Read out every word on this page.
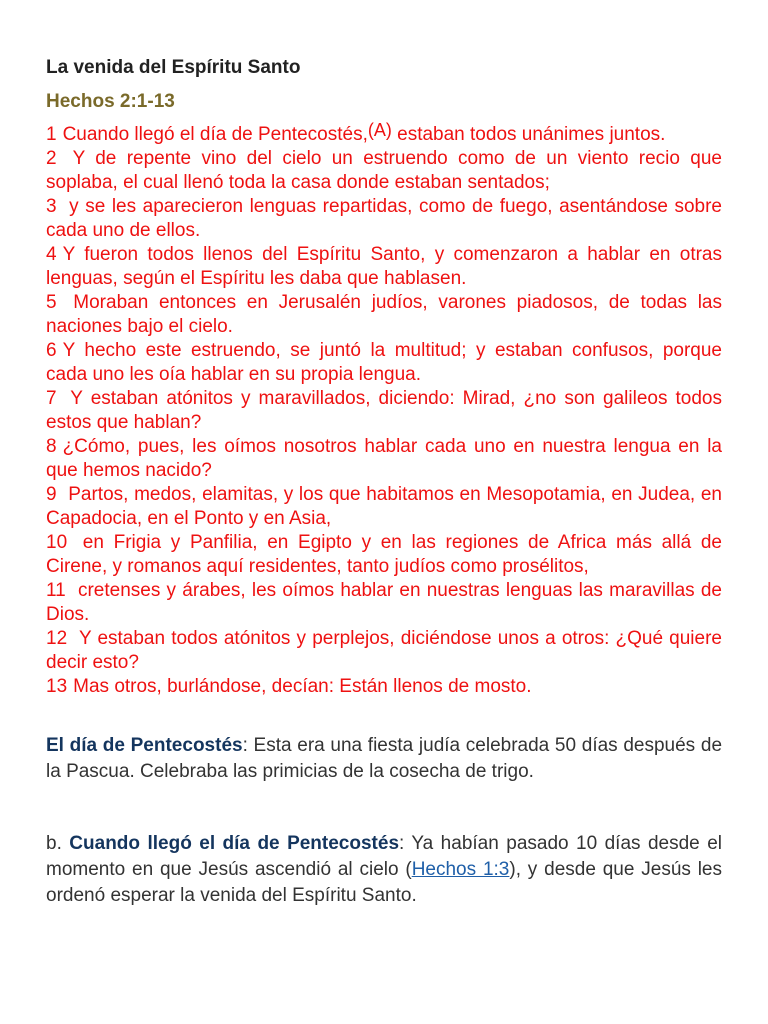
La venida del Espíritu Santo
Hechos 2:1-13

1 Cuando llegó el día de Pentecostés,(A) estaban todos unánimes juntos.

2 Y de repente vino del cielo un estruendo como de un viento recio que soplaba, el cual llenó toda la casa donde estaban sentados;

3 y se les aparecieron lenguas repartidas, como de fuego, asentándose sobre cada uno de ellos.

4 Y fueron todos llenos del Espíritu Santo, y comenzaron a hablar en otras lenguas, según el Espíritu les daba que hablasen.

5 Moraban entonces en Jerusalén judíos, varones piadosos, de todas las naciones bajo el cielo.

6 Y hecho este estruendo, se juntó la multitud; y estaban confusos, porque cada uno les oía hablar en su propia lengua.

7 Y estaban atónitos y maravillados, diciendo: Mirad, ¿no son galileos todos estos que hablan?

8 ¿Cómo, pues, les oímos nosotros hablar cada uno en nuestra lengua en la que hemos nacido?

9 Partos, medos, elamitas, y los que habitamos en Mesopotamia, en Judea, en Capadocia, en el Ponto y en Asia,

10 en Frigia y Panfilia, en Egipto y en las regiones de Africa más allá de Cirene, y romanos aquí residentes, tanto judíos como prosélitos,

11 cretenses y árabes, les oímos hablar en nuestras lenguas las maravillas de Dios.

12 Y estaban todos atónitos y perplejos, diciéndose unos a otros: ¿Qué quiere decir esto?

13 Mas otros, burlándose, decían: Están llenos de mosto.

El día de Pentecostés: Esta era una fiesta judía celebrada 50 días después de la Pascua. Celebraba las primicias de la cosecha de trigo.

b. Cuando llegó el día de Pentecostés: Ya habían pasado 10 días desde el momento en que Jesús ascendió al cielo (Hechos 1:3), y desde que Jesús les ordenó esperar la venida del Espíritu Santo.
